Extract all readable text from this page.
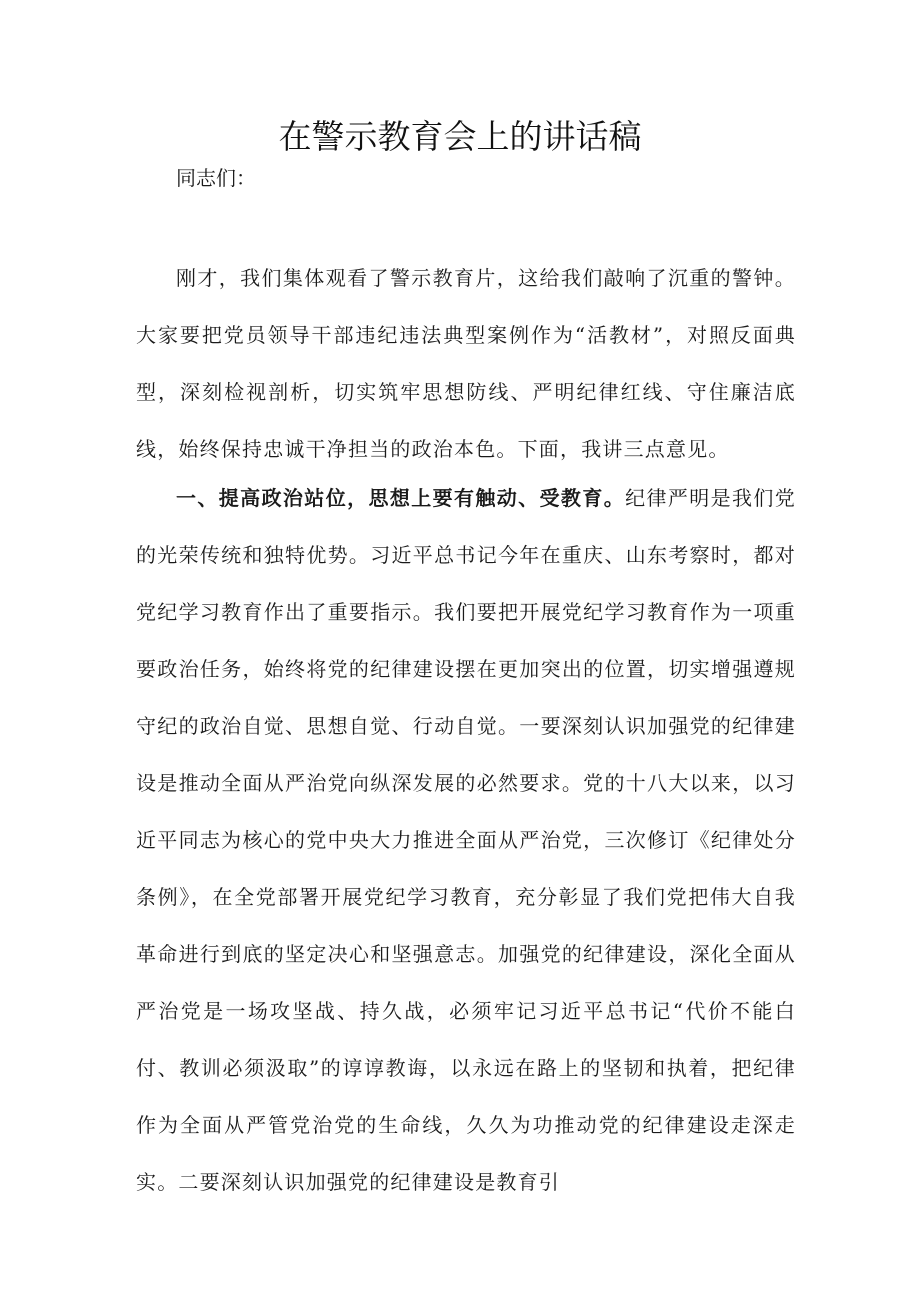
在警示教育会上的讲话稿
同志们：

刚才，我们集体观看了警示教育片，这给我们敲响了沉重的警钟。大家要把党员领导干部违纪违法典型案例作为“活教材”，对照反面典型，深刻检视剖析，切实筑牢思想防线、严明纪律红线、守住廉洁底线，始终保持忠诚干净担当的政治本色。下面，我讲三点意见。

一、提高政治站位，思想上要有触动、受教育。纪律严明是我们党的光荣传统和独特优势。习近平总书记今年在重庆、山东考察时，都对党纪学习教育作出了重要指示。我们要把开展党纪学习教育作为一项重要政治任务，始终将党的纪律建设摆在更加突出的位置，切实增强遵规守纪的政治自觉、思想自觉、行动自觉。一要深刻认识加强党的纪律建设是推动全面从严治党向纵深发展的必然要求。党的十八大以来，以习近平同志为核心的党中央大力推进全面从严治党，三次修订《纪律处分条例》，在全党部署开展党纪学习教育，充分彰显了我们党把伟大自我革命进行到底的坚定决心和坚强意志。加强党的纪律建设，深化全面从严治党是一场攻坚战、持久战，必须牢记习近平总书记“代价不能白付、教训必须汲取”的谆谆教诲，以永远在路上的坚韧和执着，把纪律作为全面从严管党治党的生命线，久久为功推动党的纪律建设走深走实。二要深刻认识加强党的纪律建设是教育引
